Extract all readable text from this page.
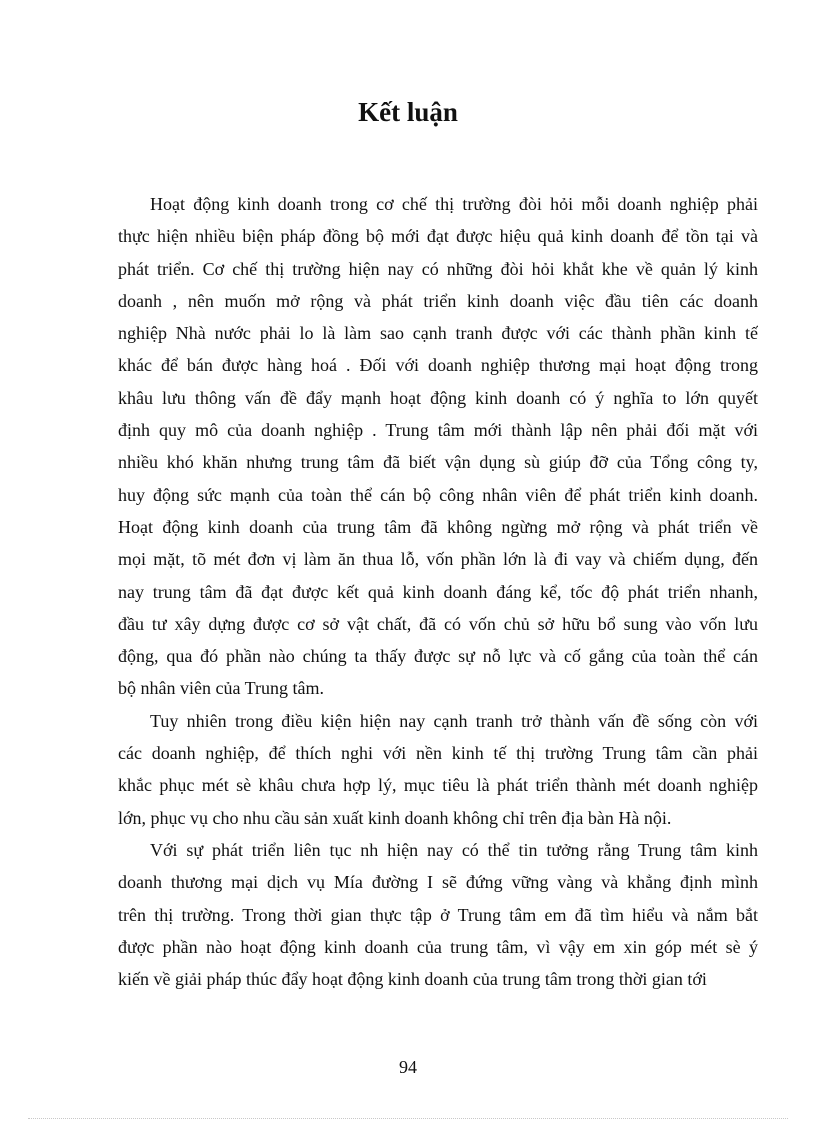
Kết luận
Hoạt động kinh doanh trong cơ chế thị trường đòi hỏi mỗi doanh nghiệp phải
thực hiện nhiều biện pháp đồng bộ mới đạt được hiệu quả kinh doanh để tồn tại và
phát triển. Cơ chế thị trường hiện nay có những đòi hỏi khắt khe về quản lý kinh
doanh , nên muốn mở rộng và phát triển kinh doanh việc đầu tiên các doanh
nghiệp Nhà nước phải lo là làm sao cạnh tranh được với các thành phần kinh tế
khác để bán được hàng hoá . Đối với doanh nghiệp thương mại hoạt động trong
khâu lưu thông vấn đề đẩy mạnh hoạt động kinh doanh có ý nghĩa to lớn quyết
định quy mô của doanh nghiệp . Trung tâm mới thành lập nên phải đối mặt với
nhiều khó khăn nhưng trung tâm đã biết vận dụng sù giúp đỡ của Tổng công ty,
huy động sức mạnh của toàn thể cán bộ công nhân viên để phát triển kinh doanh.
Hoạt động kinh doanh của trung tâm đã không ngừng mở rộng và phát triển về
mọi mặt, tõ mét đơn vị làm ăn thua lỗ, vốn phần lớn là đi vay và chiếm dụng, đến
nay trung tâm đã đạt được kết quả kinh doanh đáng kể, tốc độ phát triển nhanh,
đầu tư xây dựng được cơ sở vật chất, đã có vốn chủ sở hữu bổ sung vào vốn lưu
động, qua đó phần nào chúng ta thấy được sự nỗ lực và cố gắng của toàn thể cán
bộ nhân viên của Trung tâm.
Tuy nhiên trong điều kiện hiện nay cạnh tranh trở thành vấn đề sống còn với
các doanh nghiệp, để thích nghi với nền kinh tế thị trường Trung tâm cần phải
khắc phục mét sè khâu chưa hợp lý, mục tiêu là phát triển thành mét doanh nghiệp
lớn, phục vụ cho nhu cầu sản xuất kinh doanh không chỉ trên địa bàn Hà nội.
Với sự phát triển liên tục nh hiện nay có thể tin tưởng rằng Trung tâm kinh
doanh thương mại dịch vụ Mía đường I sẽ đứng vững vàng và khẳng định mình
trên thị trường. Trong thời gian thực tập ở Trung tâm em đã tìm hiểu và nắm bắt
được phần nào hoạt động kinh doanh của trung tâm, vì vậy em xin góp mét sè ý
kiến về giải pháp thúc đẩy hoạt động kinh doanh của trung tâm trong thời gian tới
94
